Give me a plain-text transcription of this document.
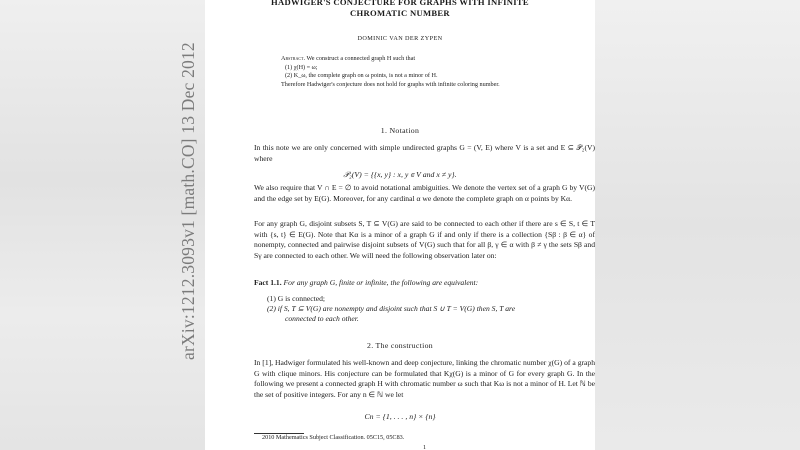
arXiv:1212.3093v1 [math.CO] 13 Dec 2012
HADWIGER'S CONJECTURE FOR GRAPHS WITH INFINITE
CHROMATIC NUMBER
DOMINIC VAN DER ZYPEN
Abstract. We construct a connected graph H such that
(1) χ(H) = ω;
(2) K_ω, the complete graph on ω points, is not a minor of H.
Therefore Hadwiger's conjecture does not hold for graphs with infinite coloring number.
1. Notation
In this note we are only concerned with simple undirected graphs G = (V, E) where V is a set and E ⊆ 𝒫₂(V) where
𝒫₂(V) = {{x, y} : x, y ∈ V and x ≠ y}.
We also require that V ∩ E = ∅ to avoid notational ambiguities. We denote the vertex set of a graph G by V(G) and the edge set by E(G). Moreover, for any cardinal α we denote the complete graph on α points by Kα.
For any graph G, disjoint subsets S, T ⊆ V(G) are said to be connected to each other if there are s ∈ S, t ∈ T with {s, t} ∈ E(G). Note that Kα is a minor of a graph G if and only if there is a collection {Sβ : β ∈ α} of nonempty, connected and pairwise disjoint subsets of V(G) such that for all β, γ ∈ α with β ≠ γ the sets Sβ and Sγ are connected to each other. We will need the following observation later on:
Fact 1.1. For any graph G, finite or infinite, the following are equivalent:
(1) G is connected;
(2) if S, T ⊆ V(G) are nonempty and disjoint such that S ∪ T = V(G) then S, T are
connected to each other.
2. The construction
In [1], Hadwiger formulated his well-known and deep conjecture, linking the chromatic number χ(G) of a graph G with clique minors. His conjecture can be formulated that Kχ(G) is a minor of G for every graph G. In the following we present a connected graph H with chromatic number ω such that Kω is not a minor of H. Let ℕ be the set of positive integers. For any n ∈ ℕ we let
Cn = {1, . . . , n} × {n}
2010 Mathematics Subject Classification. 05C15, 05C83.
1
